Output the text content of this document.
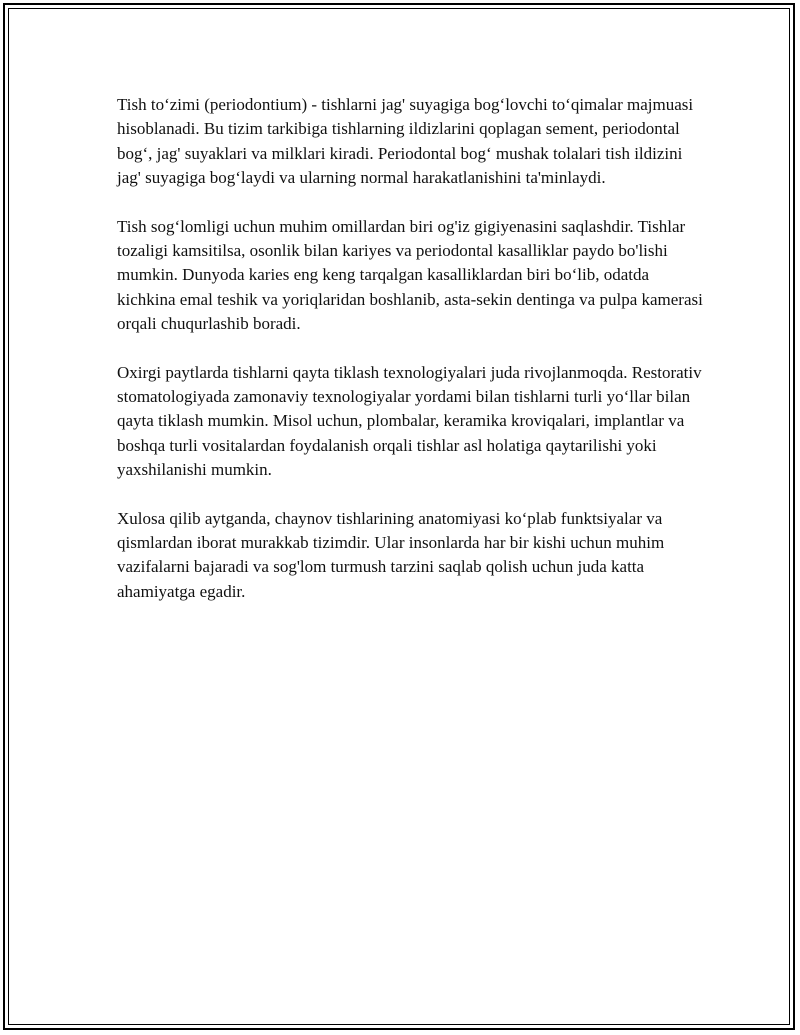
Tish to‘zimi (periodontium) - tishlarni jag' suyagiga bog‘lovchi to‘qimalar majmuasi hisoblanadi. Bu tizim tarkibiga tishlarning ildizlarini qoplagan sement, periodontal bog‘, jag' suyaklari va milklari kiradi. Periodontal bog‘ mushak tolalari tish ildizini jag' suyagiga bog‘laydi va ularning normal harakatlanishini ta'minlaydi.

Tish sog‘lomligi uchun muhim omillardan biri og'iz gigiyenasini saqlashdir. Tishlar tozaligi kamsitilsa, osonlik bilan kariyes va periodontal kasalliklar paydo bo'lishi mumkin. Dunyoda karies eng keng tarqalgan kasalliklardan biri bo‘lib, odatda kichkina emal teshik va yoriqlaridan boshlanib, asta-sekin dentinga va pulpa kamerasi orqali chuqurlashib boradi.

Oxirgi paytlarda tishlarni qayta tiklash texnologiyalari juda rivojlanmoqda. Restorativ stomatologiyada zamonaviy texnologiyalar yordami bilan tishlarni turli yo‘llar bilan qayta tiklash mumkin. Misol uchun, plombalar, keramika kroviqalari, implantlar va boshqa turli vositalardan foydalanish orqali tishlar asl holatiga qaytarilishi yoki yaxshilanishi mumkin.

Xulosa qilib aytganda, chaynov tishlarining anatomiyasi ko‘plab funktsiyalar va qismlardan iborat murakkab tizimdir. Ular insonlarda har bir kishi uchun muhim vazifalarni bajaradi va sog'lom turmush tarzini saqlab qolish uchun juda katta ahamiyatga egadir.
